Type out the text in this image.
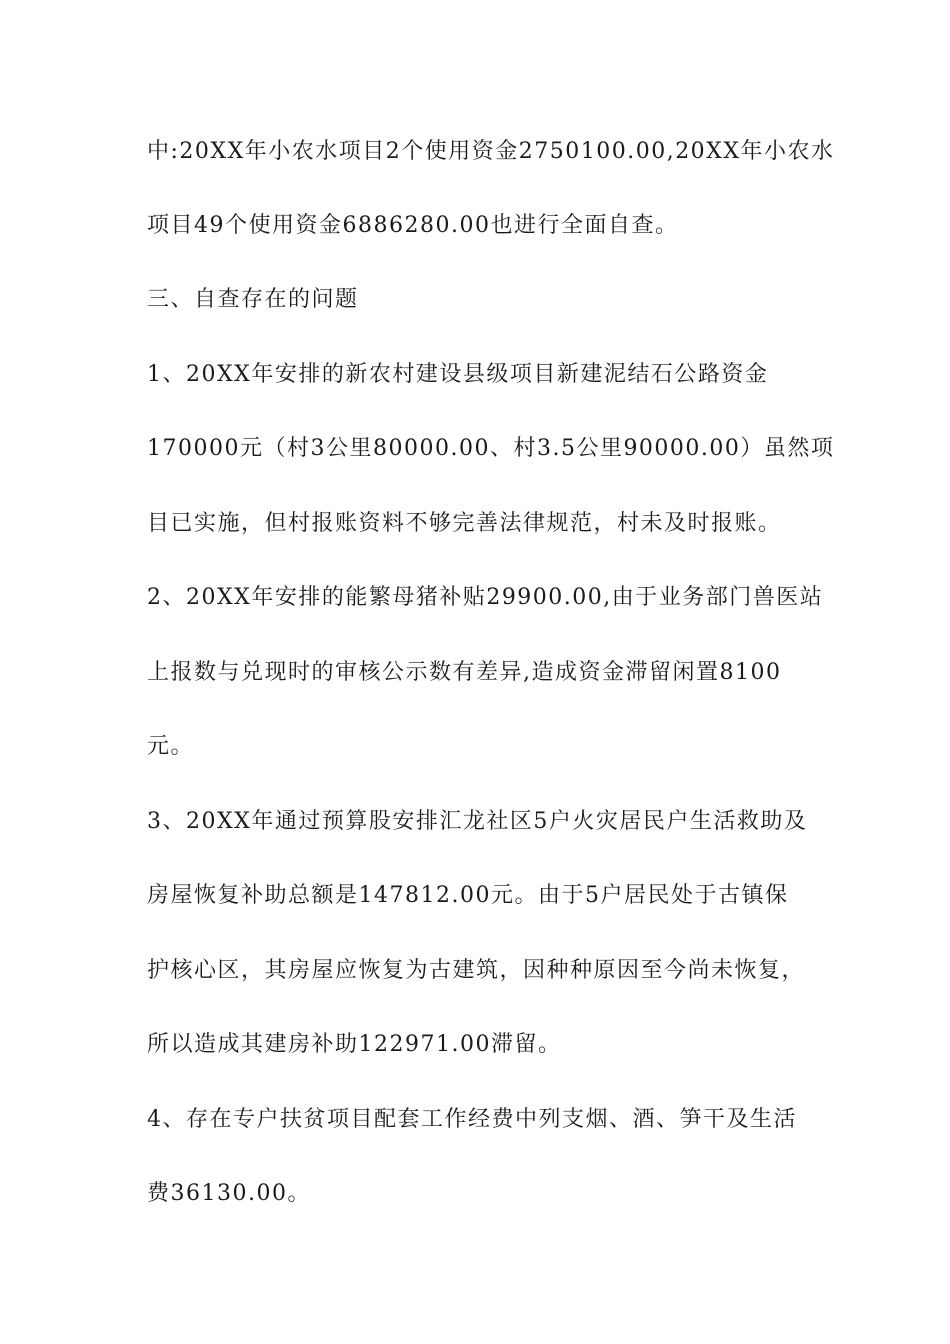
中:20XX年小农水项目2个使用资金2750100.00,20XX年小农水
项目49个使用资金6886280.00也进行全面自查。
三、自查存在的问题
1、20XX年安排的新农村建设县级项目新建泥结石公路资金
170000元（村3公里80000.00、村3.5公里90000.00）虽然项
目已实施，但村报账资料不够完善法律规范，村未及时报账。
2、20XX年安排的能繁母猪补贴29900.00,由于业务部门兽医站
上报数与兑现时的审核公示数有差异,造成资金滞留闲置8100
元。
3、20XX年通过预算股安排汇龙社区5户火灾居民户生活救助及
房屋恢复补助总额是147812.00元。由于5户居民处于古镇保
护核心区，其房屋应恢复为古建筑，因种种原因至今尚未恢复，
所以造成其建房补助122971.00滞留。
4、存在专户扶贫项目配套工作经费中列支烟、酒、笋干及生活
费36130.00。
